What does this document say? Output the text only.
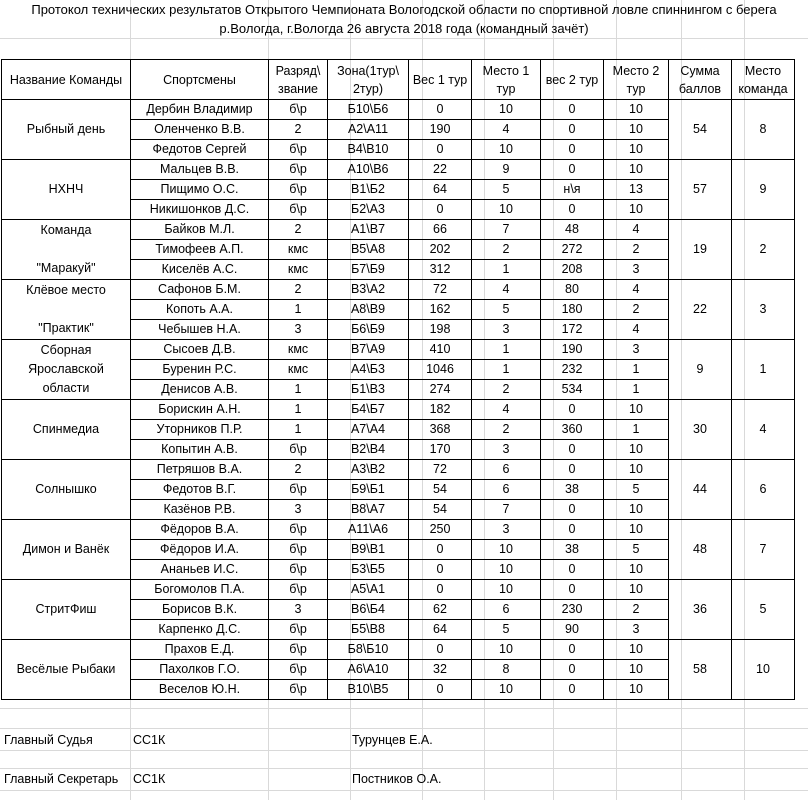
Протокол технических результатов Открытого Чемпионата Вологодской области по спортивной ловле спиннингом с берега
р.Вологда, г.Вологда 26 августа 2018 года (командный зачёт)
Название Команды	Спортсмены	Разряд\ звание	Зона(1тур\ 2тур)	Вес 1 тур	Место 1 тур	вес 2 тур	Место 2 тур	Сумма баллов	Место команда

Рыбный день	Дербин Владимир	б\р	Б10\Б6	0	10	0	10	54	8
	Оленченко В.В.	2	А2\А11	190	4	0	10		
	Федотов Сергей	б\р	В4\В10	0	10	0	10		

НХНЧ	Мальцев В.В.	б\р	А10\В6	22	9	0	10	57	9
	Пищимо О.С.	б\р	В1\Б2	64	5	н\я	13		
	Никишонков Д.С.	б\р	Б2\А3	0	10	0	10		

Команда

"Маракуй"	Байков М.Л.	2	А1\В7	66	7	48	4	19	2
	Тимофеев А.П.	кмс	В5\А8	202	2	272	2		
	Киселёв А.С.	кмс	Б7\Б9	312	1	208	3		

Клёвое место

"Практик"	Сафонов Б.М.	2	В3\А2	72	4	80	4	22	3
	Копоть А.А.	1	А8\В9	162	5	180	2		
	Чебышев Н.А.	3	Б6\Б9	198	3	172	4		

Сборная
Ярославской
области	Сысоев Д.В.	кмс	В7\А9	410	1	190	3	9	1
	Буренин Р.С.	кмс	А4\Б3	1046	1	232	1		
	Денисов А.В.	1	Б1\В3	274	2	534	1		

Спинмедиа	Борискин А.Н.	1	Б4\Б7	182	4	0	10	30	4
	Уторников П.Р.	1	А7\А4	368	2	360	1		
	Копытин А.В.	б\р	В2\В4	170	3	0	10		

Солнышко	Петряшов В.А.	2	А3\В2	72	6	0	10	44	6
	Федотов В.Г.	б\р	Б9\Б1	54	6	38	5		
	Казёнов Р.В.	3	В8\А7	54	7	0	10		

Димон и Ванёк	Фёдоров В.А.	б\р	А11\А6	250	3	0	10	48	7
	Фёдоров И.А.	б\р	В9\В1	0	10	38	5		
	Ананьев И.С.	б\р	Б3\Б5	0	10	0	10		

СтритФиш	Богомолов П.А.	б\р	А5\А1	0	10	0	10	36	5
	Борисов В.К.	3	В6\Б4	62	6	230	2		
	Карпенко Д.С.	б\р	Б5\В8	64	5	90	3		

Весёлые Рыбаки	Прахов Е.Д.	б\р	Б8\Б10	0	10	0	10	58	10
	Пахолков Г.О.	б\р	А6\А10	32	8	0	10		
	Веселов Ю.Н.	б\р	В10\В5	0	10	0	10		
Главный Судья	СС1К	Турунцев Е.А.
Главный Секретарь СС1К	Постников О.А.
